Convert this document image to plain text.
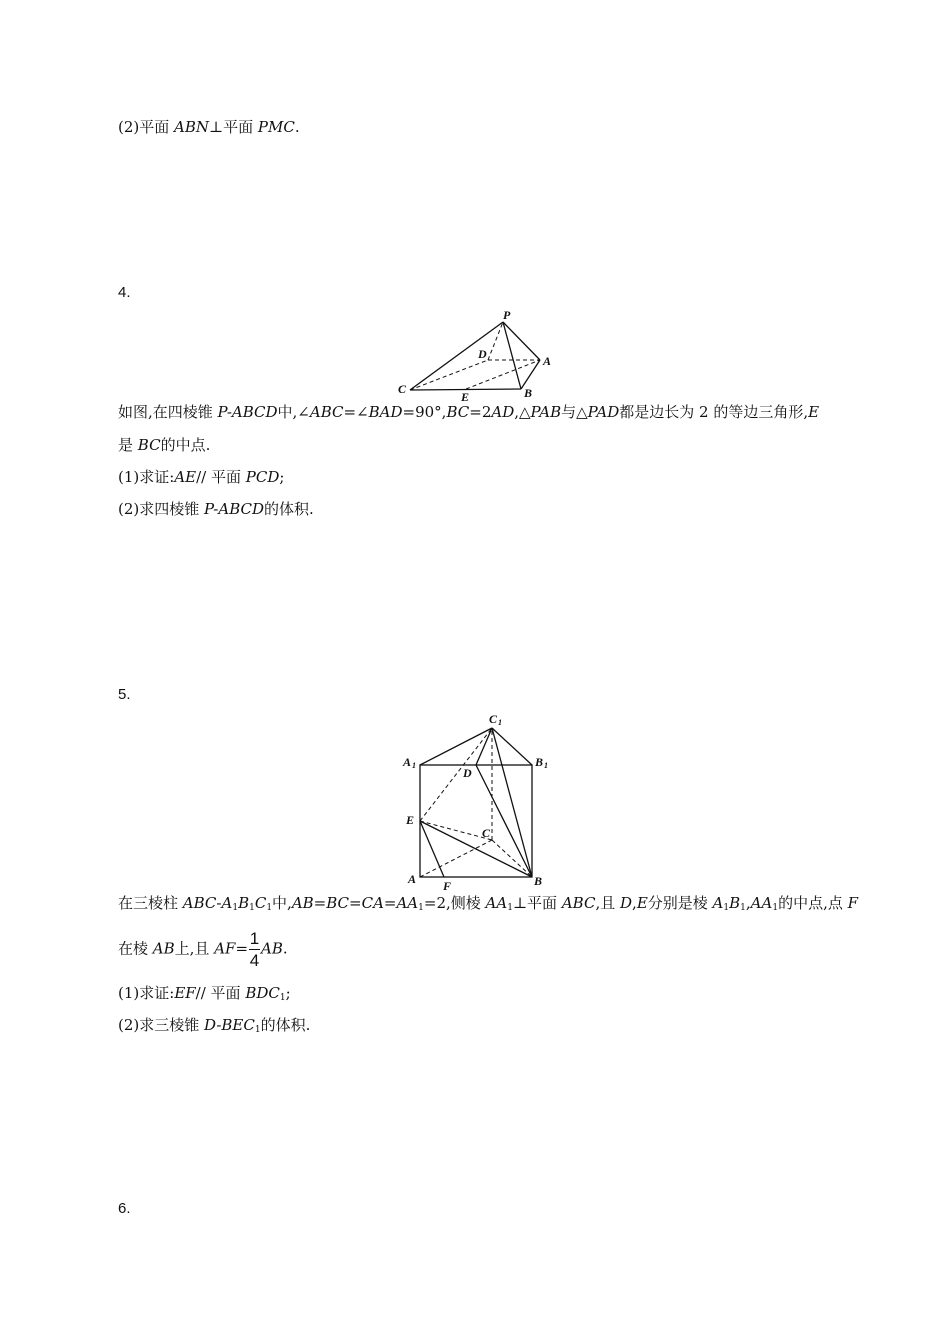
(2)平面 ABN⊥平面 PMC.
4.
P
D	A
C
E	B
如图,在四棱锥 P-ABCD中,∠ABC=∠BAD=90°,BC=2AD,△PAB与△PAD都是边长为 2 的等边三角形,E
是 BC的中点.
(1)求证:AE// 平面 PCD;
(2)求四棱锥 P-ABCD的体积.
5.
C 1
A 1	B 1
D
E
C
A F	B
在三棱柱 ABC-$A_1B_1C_1$中$,AB=BC=CA=AA_1=2$,侧棱 $AA_1\perp$平面 ABC,且 D,E分别是棱 $A_1B_1,AA_1$的中点,点 F
在棱 AB上,且 $AF= \frac{1}{4}$ AB.
(1)求证:EF// 平面 $BDC_1$;
(2)求三棱锥 $D-BEC_1$的体积.
6.
